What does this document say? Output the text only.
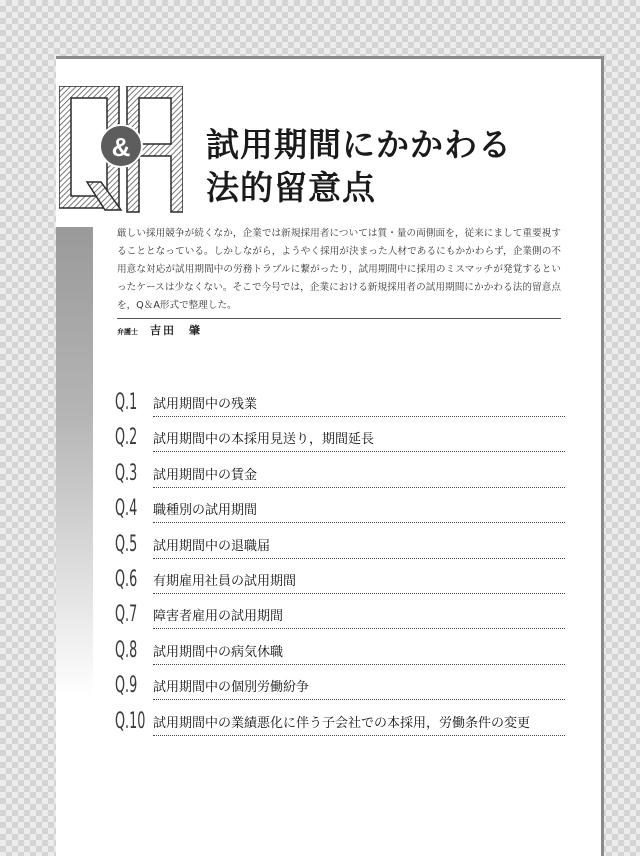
& 試用期間にかかわる
法的留意点

厳しい採用競争が続くなか，企業では新規採用者については質・量の両側面を，従来にまして重要視することとなっている。しかしながら，ようやく採用が決まった人材であるにもかかわらず，企業側の不用意な対応が試用期間中の労務トラブルに繋がったり，試用期間中に採用のミスマッチが発覚するといったケースは少なくない。そこで今号では，企業における新規採用者の試用期間にかかわる法的留意点を，Q＆A形式で整理した。

弁護士 吉田　肇
Q.1 試用期間中の残業
Q.2 試用期間中の本採用見送り，期間延長
Q.3 試用期間中の賃金
Q.4 職種別の試用期間
Q.5 試用期間中の退職届
Q.6 有期雇用社員の試用期間
Q.7 障害者雇用の試用期間
Q.8 試用期間中の病気休職
Q.9 試用期間中の個別労働紛争
Q.10 試用期間中の業績悪化に伴う子会社での本採用，労働条件の変更
